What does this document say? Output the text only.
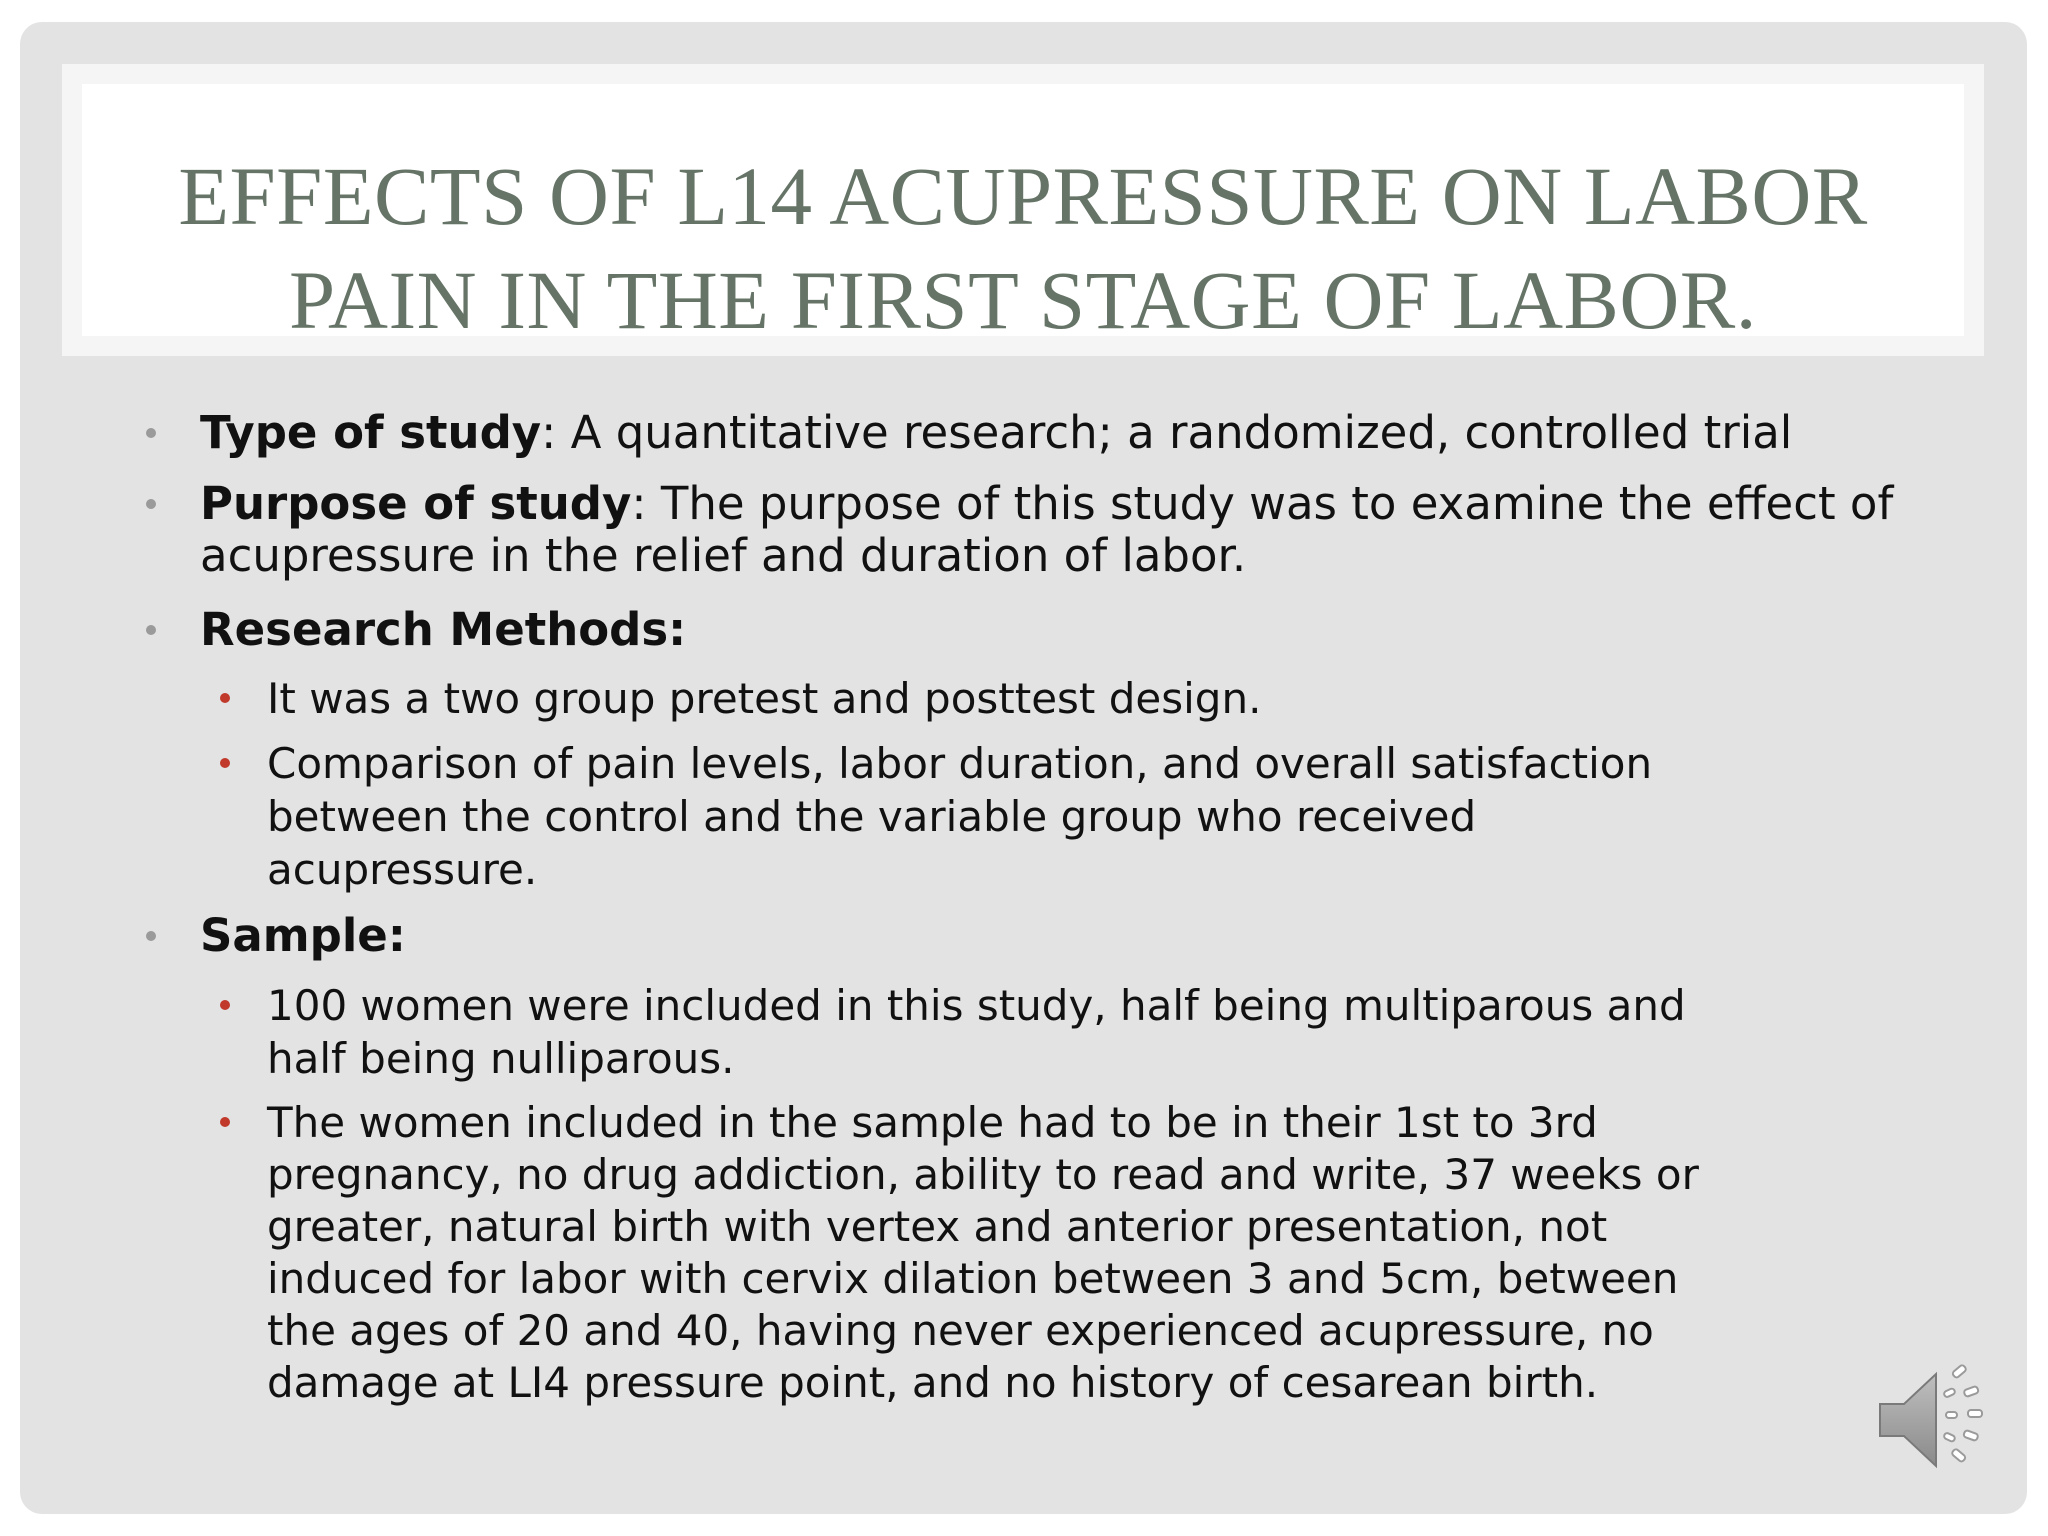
EFFECTS OF L14 ACUPRESSURE ON LABOR
PAIN IN THE FIRST STAGE OF LABOR.

Type of study: A quantitative research; a randomized, controlled trial

Purpose of study: The purpose of this study was to examine the effect of

acupressure in the relief and duration of labor.

Research Methods:

It was a two group pretest and posttest design.

Comparison of pain levels, labor duration, and overall satisfaction

between the control and the variable group who received

acupressure.

Sample:

100 women were included in this study, half being multiparous and

half being nulliparous.

The women included in the sample had to be in their 1st to 3rd

pregnancy, no drug addiction, ability to read and write, 37 weeks or

greater, natural birth with vertex and anterior presentation, not

induced for labor with cervix dilation between 3 and 5cm, between

the ages of 20 and 40, having never experienced acupressure, no

damage at LI4 pressure point, and no history of cesarean birth.
